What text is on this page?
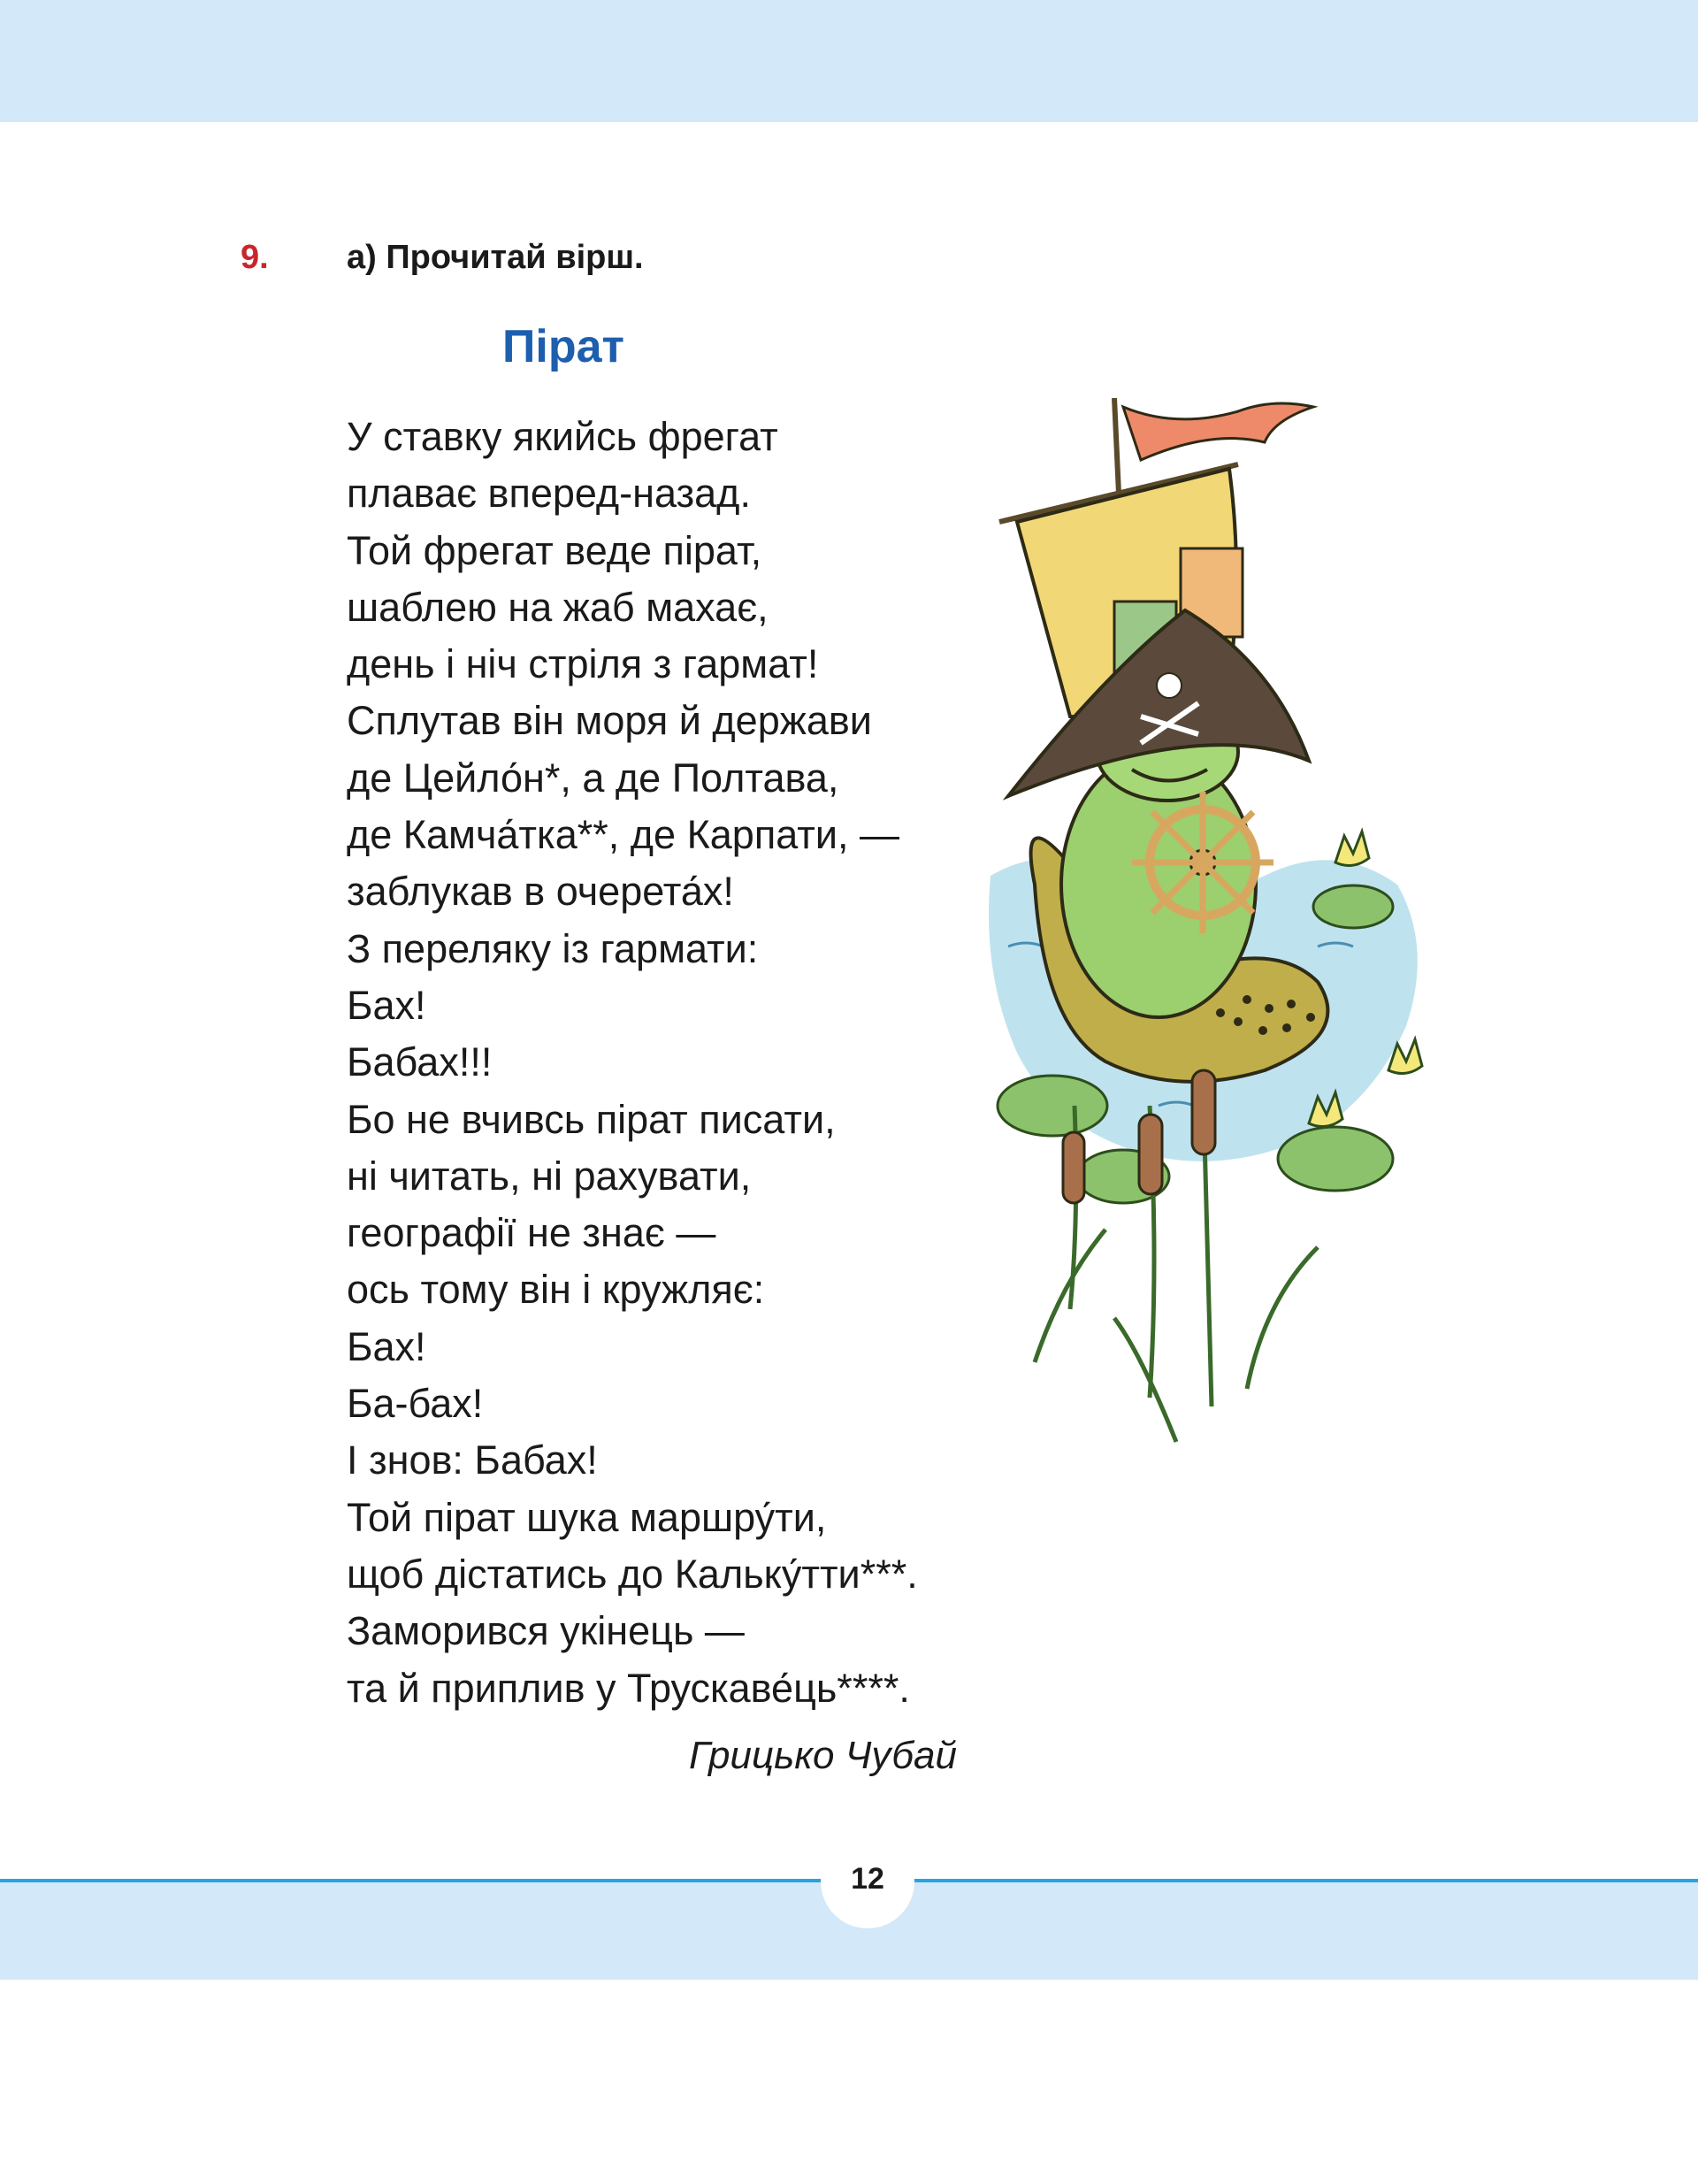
9. а) Прочитай вірш.
Пірат
У ставку якийсь фрегат
плаває вперед-назад.
Той фрегат веде пірат,
шаблею на жаб махає,
день і ніч стріля з гармат!
Сплутав він моря й держави
де Цейло́н*, а де Полтава,
де Камча́тка**, де Карпати, —
заблукав в очерета́х!
З переляку із гармати:
Бах!
Бабах!!!
Бо не вчивсь пірат писати,
ні читать, ні рахувати,
географії не знає —
ось тому він і кружляє:
Бах!
Ба-бах!
І знов: Бабах!
Той пірат шука маршру́ти,
щоб дістатись до Кальку́тти***.
Заморився укінець —
та й приплив у Трускаве́ць****.
Грицько Чубай
12
